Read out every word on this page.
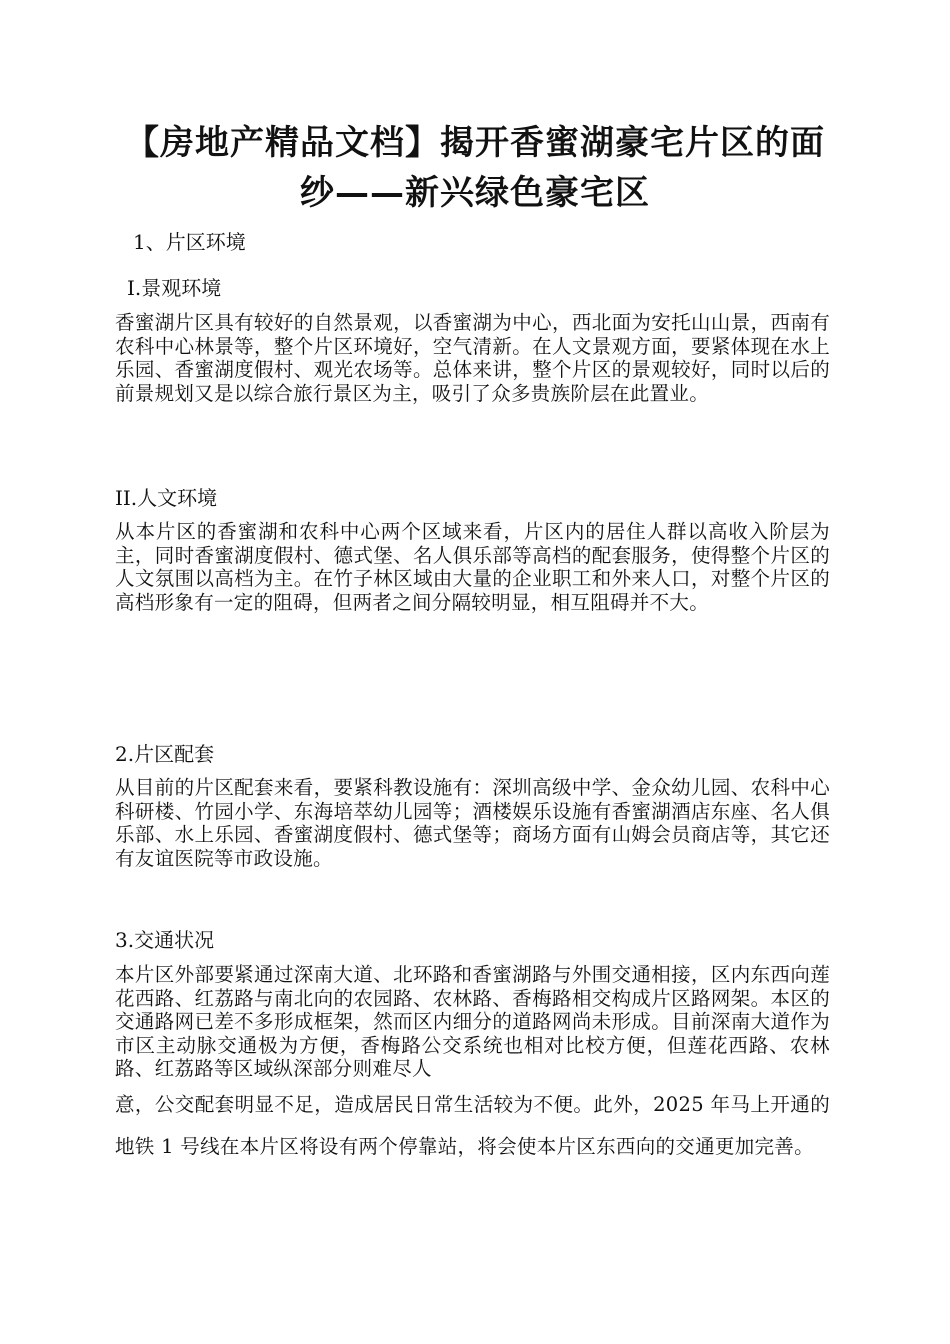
【房地产精品文档】揭开香蜜湖豪宅片区的面纱——新兴绿色豪宅区
1、片区环境
I.景观环境
香蜜湖片区具有较好的自然景观，以香蜜湖为中心，西北面为安托山山景，西南有农科中心林景等，整个片区环境好，空气清新。在人文景观方面，要紧体现在水上乐园、香蜜湖度假村、观光农场等。总体来讲，整个片区的景观较好，同时以后的前景规划又是以综合旅行景区为主，吸引了众多贵族阶层在此置业。
II.人文环境
从本片区的香蜜湖和农科中心两个区域来看，片区内的居住人群以高收入阶层为主，同时香蜜湖度假村、德式堡、名人俱乐部等高档的配套服务，使得整个片区的人文氛围以高档为主。在竹子林区域由大量的企业职工和外来人口，对整个片区的高档形象有一定的阻碍，但两者之间分隔较明显，相互阻碍并不大。
2.片区配套
从目前的片区配套来看，要紧科教设施有：深圳高级中学、金众幼儿园、农科中心科研楼、竹园小学、东海培萃幼儿园等；酒楼娱乐设施有香蜜湖酒店东座、名人俱乐部、水上乐园、香蜜湖度假村、德式堡等；商场方面有山姆会员商店等，其它还有友谊医院等市政设施。
3.交通状况
本片区外部要紧通过深南大道、北环路和香蜜湖路与外围交通相接，区内东西向莲花西路、红荔路与南北向的农园路、农林路、香梅路相交构成片区路网架。本区的交通路网已差不多形成框架，然而区内细分的道路网尚未形成。目前深南大道作为市区主动脉交通极为方便，香梅路公交系统也相对比校方便，但莲花西路、农林路、红荔路等区域纵深部分则难尽人
意，公交配套明显不足，造成居民日常生活较为不便。此外，2025 年马上开通的地铁 1 号线在本片区将设有两个停靠站，将会使本片区东西向的交通更加完善。
